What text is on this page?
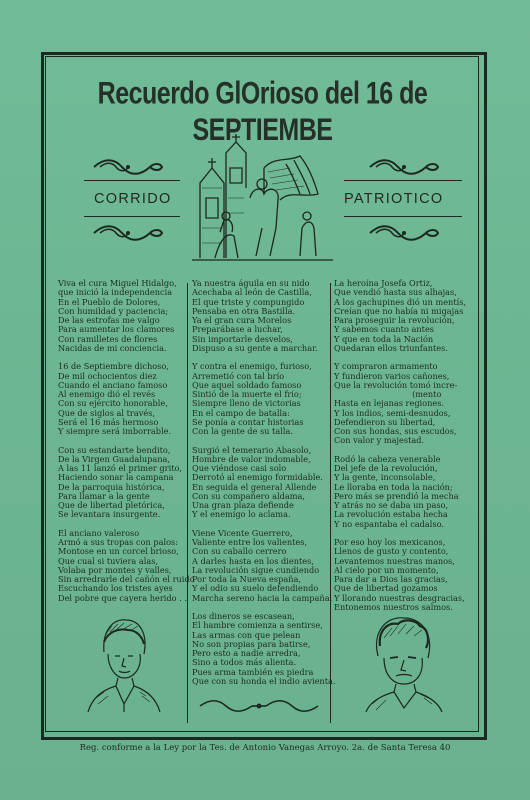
Recuerdo GlOrioso del 16 de SEPTIEMBE
CORRIDO	PATRIOTICO
Viva el cura Miguel Hidalgo,
que inició la independencia
En el Pueblo de Dolores,
Con humildad y paciencia;
De las estrofas me valgo
Para aumentar los clamores
Con ramilletes de flores
Nacidas de mi conciencia.
16 de Septiembre dichoso,
De mil ochocientos diez
Cuando el anciano famoso
Al enemigo dió el revés
Con su ejército honorable,
Que de siglos al través,
Será el 16 más hermoso
Y siempre será imborrable.
Con su estandarte bendito,
De la Virgen Guadalupana,
A las 11 lanzó el primer grito,
Haciendo sonar la campana
De la parroquia histórica,
Para llamar a la gente
Que de libertad pletórica,
Se levantara insurgente.
El anciano valeroso
Armó a sus tropas con palos:
Montose en un corcel brioso,
Que cual si tuviera alas,
Volaba por montes y valles,
Sin arredrarle del cañón el ruido
Escuchando los tristes ayes
Del pobre que cayera herido . .
Ya nuestra águila en su nido
Acechaba al león de Castilla,
El que triste y compungido
Pensaba en otra Bastilla.
Ya el gran cura Morelos
Preparábase a luchar,
Sin importarle desvelos,
Dispuso a su gente a marchar.
Y contra el enemigo, furioso,
Arremetió con tal brío
Que aquel soldado famoso
Sintió de la muerte el frío;
Siempre lleno de victorias
En el campo de batalla:
Se ponía a contar historias
Con la gente de su talla.
Surgió el temerario Abasolo,
Hombre de valor indomable,
Que viéndose casi solo
Derrotó al enemigo formidable.
En seguida el general Allende
Con su compañero aldama,
Una gran plaza defiende
Y el enemigo lo aclama.
Viene Vicente Guerrero,
Valiente entre los valientes,
Con su caballo cerrero
A darles hasta en los dientes,
La revolución sigue cundiendo
Por toda la Nueva españa,
Y el odio su suelo defendiendo
Marcha sereno hacia la campaña.
Los dineros se escasean,
El hambre comienza a sentirse,
Las armas con que pelean
No son propias para batirse,
Pero esto a nadie arredra,
Sino a todos más alienta.
Pues arma también es piedra
Que con su honda el indio avienta.
La heroína Josefa Ortiz,
Que vendió hasta sus alhajas,
A los gachupines dió un mentís,
Creían que no había ni migajas
Para proseguir la revolución,
Y sabemos cuanto antes
Y que en toda la Nación
Quedaran ellos triunfantes.
Y compraron armamento
Y fundieron varios cañones,
Que la revolución tomó incre-
(mento
Hasta en lejanas regiones.
Y los indios, semi-desnudos,
Defendieron su libertad,
Con sus hondas, sus escudos,
Con valor y majestad.
Rodó la cabeza venerable
Del jefe de la revolución,
Y la gente, inconsolable,
Le lloraba en toda la nación;
Pero más se prendió la mecha
Y atrás no se daba un paso,
La revolución estaba hecha
Y no espantaba el cadalso.
Por eso hoy los mexicanos,
Llenos de gusto y contento,
Levantemos nuestras manos,
Al cielo por un momento,
Para dar a Dios las gracias,
Que de libertad gozamos
Y llorando nuestras desgracias,
Entonemos nuestros salmos.
Reg. conforme a la Ley por la Tes. de Antonio Vanegas Arroyo. 2a. de Santa Teresa 40
